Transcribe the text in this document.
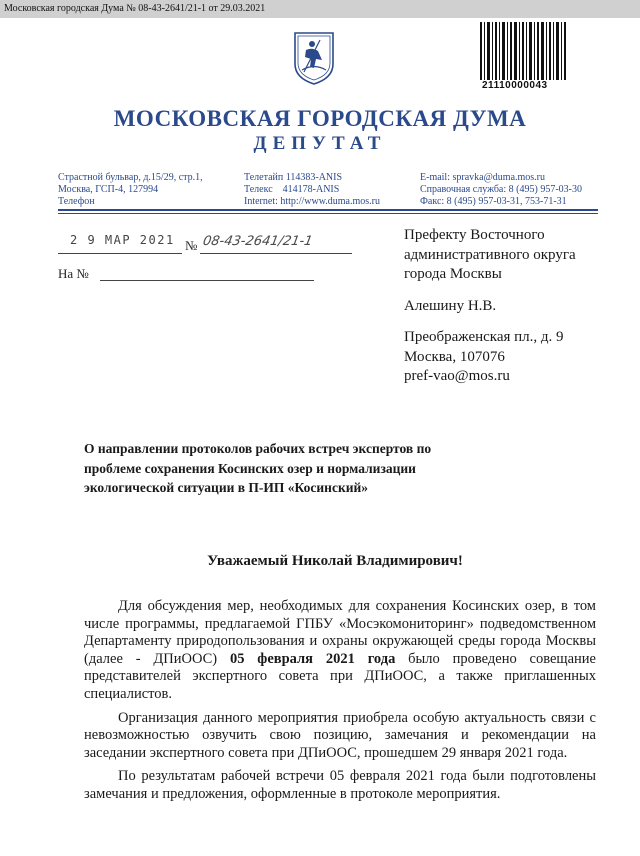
Московская городская Дума № 08-43-2641/21-1 от 29.03.2021
21110000043
МОСКОВСКАЯ ГОРОДСКАЯ ДУМА
ДЕПУТАТ
Страстной бульвар, д.15/29, стр.1,
Москва, ГСП-4, 127994
Телефон
Телетайп 114383-ANIS
Телекс    414178-ANIS
Internet: http://www.duma.mos.ru
E-mail: spravka@duma.mos.ru
Справочная служба: 8 (495) 957-03-30
Факс: 8 (495) 957-03-31, 753-71-31
2 9 МАР 2021 № 08-43-2641/21-1
На №
Префекту Восточного
административного округа
города Москвы
Алешину Н.В.
Преображенская пл., д. 9
Москва, 107076
pref-vao@mos.ru
О направлении протоколов рабочих встреч экспертов по
проблеме сохранения Косинских озер и нормализации
экологической ситуации в П-ИП «Косинский»
Уважаемый Николай Владимирович!

Для обсуждения мер, необходимых для сохранения Косинских озер, в том числе программы, предлагаемой ГПБУ «Мосэкомониторинг» подведомственном Департаменту природопользования и охраны окружающей среды города Москвы (далее - ДПиООС) 05 февраля 2021 года было проведено совещание представителей экспертного совета при ДПиООС, а также приглашенных специалистов.

Организация данного мероприятия приобрела особую актуальность связи с невозможностью озвучить свою позицию, замечания и рекомендации на заседании экспертного совета при ДПиООС, прошедшем 29 января 2021 года.

По результатам рабочей встречи 05 февраля 2021 года были подготовлены замечания и предложения, оформленные в протоколе мероприятия.
